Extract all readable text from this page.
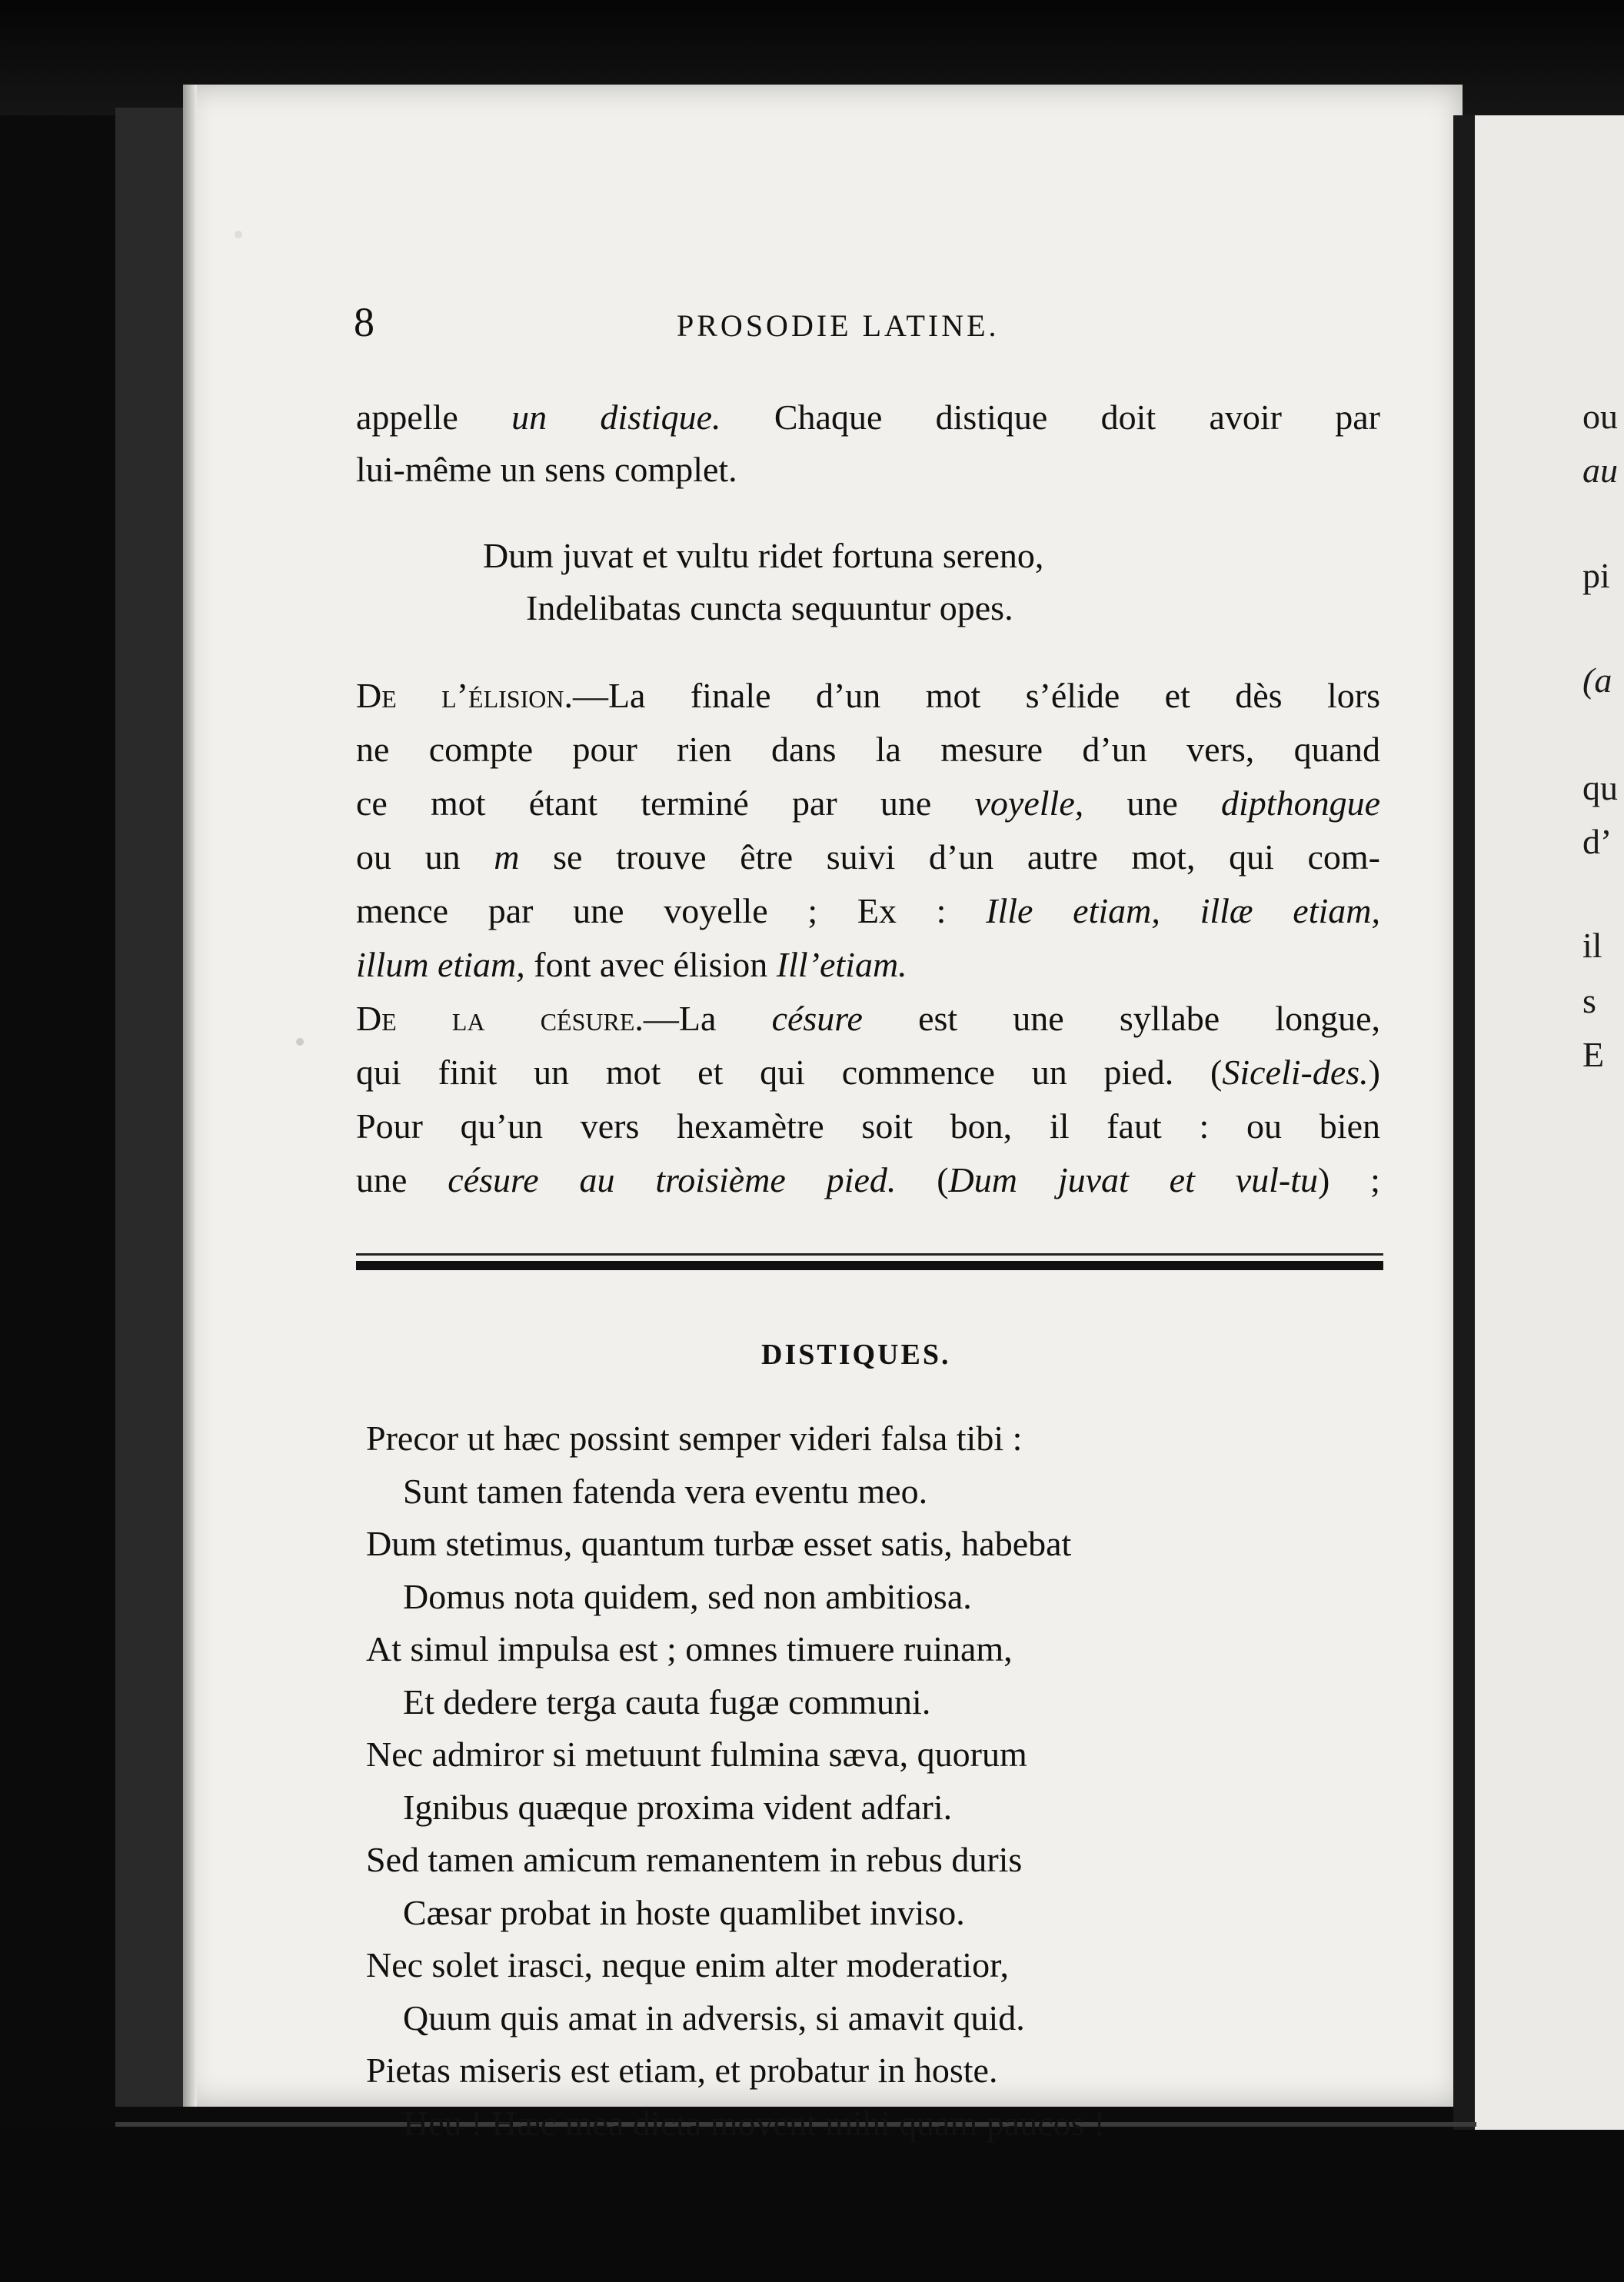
ou
au
pi
(a
qu
d’
il
s
E
8	PROSODIE LATINE.
appelle un distique. Chaque distique doit avoir par
lui-même un sens complet.
Dum juvat et vultu ridet fortuna sereno,
Indelibatas cuncta sequuntur opes.
De l’élision.—La finale d’un mot s’élide et dès lors
ne compte pour rien dans la mesure d’un vers, quand
ce mot étant terminé par une voyelle, une dipthongue
ou un m se trouve être suivi d’un autre mot, qui com-
mence par une voyelle ; Ex : Ille etiam, illæ etiam,
illum etiam, font avec élision Ill’etiam.
De la césure.—La césure est une syllabe longue,
qui finit un mot et qui commence un pied. (Siceli-des.)
Pour qu’un vers hexamètre soit bon, il faut : ou bien
une césure au troisième pied. (Dum juvat et vul-tu) ;
DISTIQUES.
Precor ut hæc possint semper videri falsa tibi :
Sunt tamen fatenda vera eventu meo.
Dum stetimus, quantum turbæ esset satis, habebat
Domus nota quidem, sed non ambitiosa.
At simul impulsa est ; omnes timuere ruinam,
Et dedere terga cauta fugæ communi.
Nec admiror si metuunt fulmina sæva, quorum
Ignibus quæque proxima vident adfari.
Sed tamen amicum remanentem in rebus duris
Cæsar probat in hoste quamlibet inviso.
Nec solet irasci, neque enim alter moderatior,
Quum quis amat in adversis, si amavit quid.
Pietas miseris est etiam, et probatur in hoste.
Heu ! Hæc mea dicta movent mihi quam paucos !
